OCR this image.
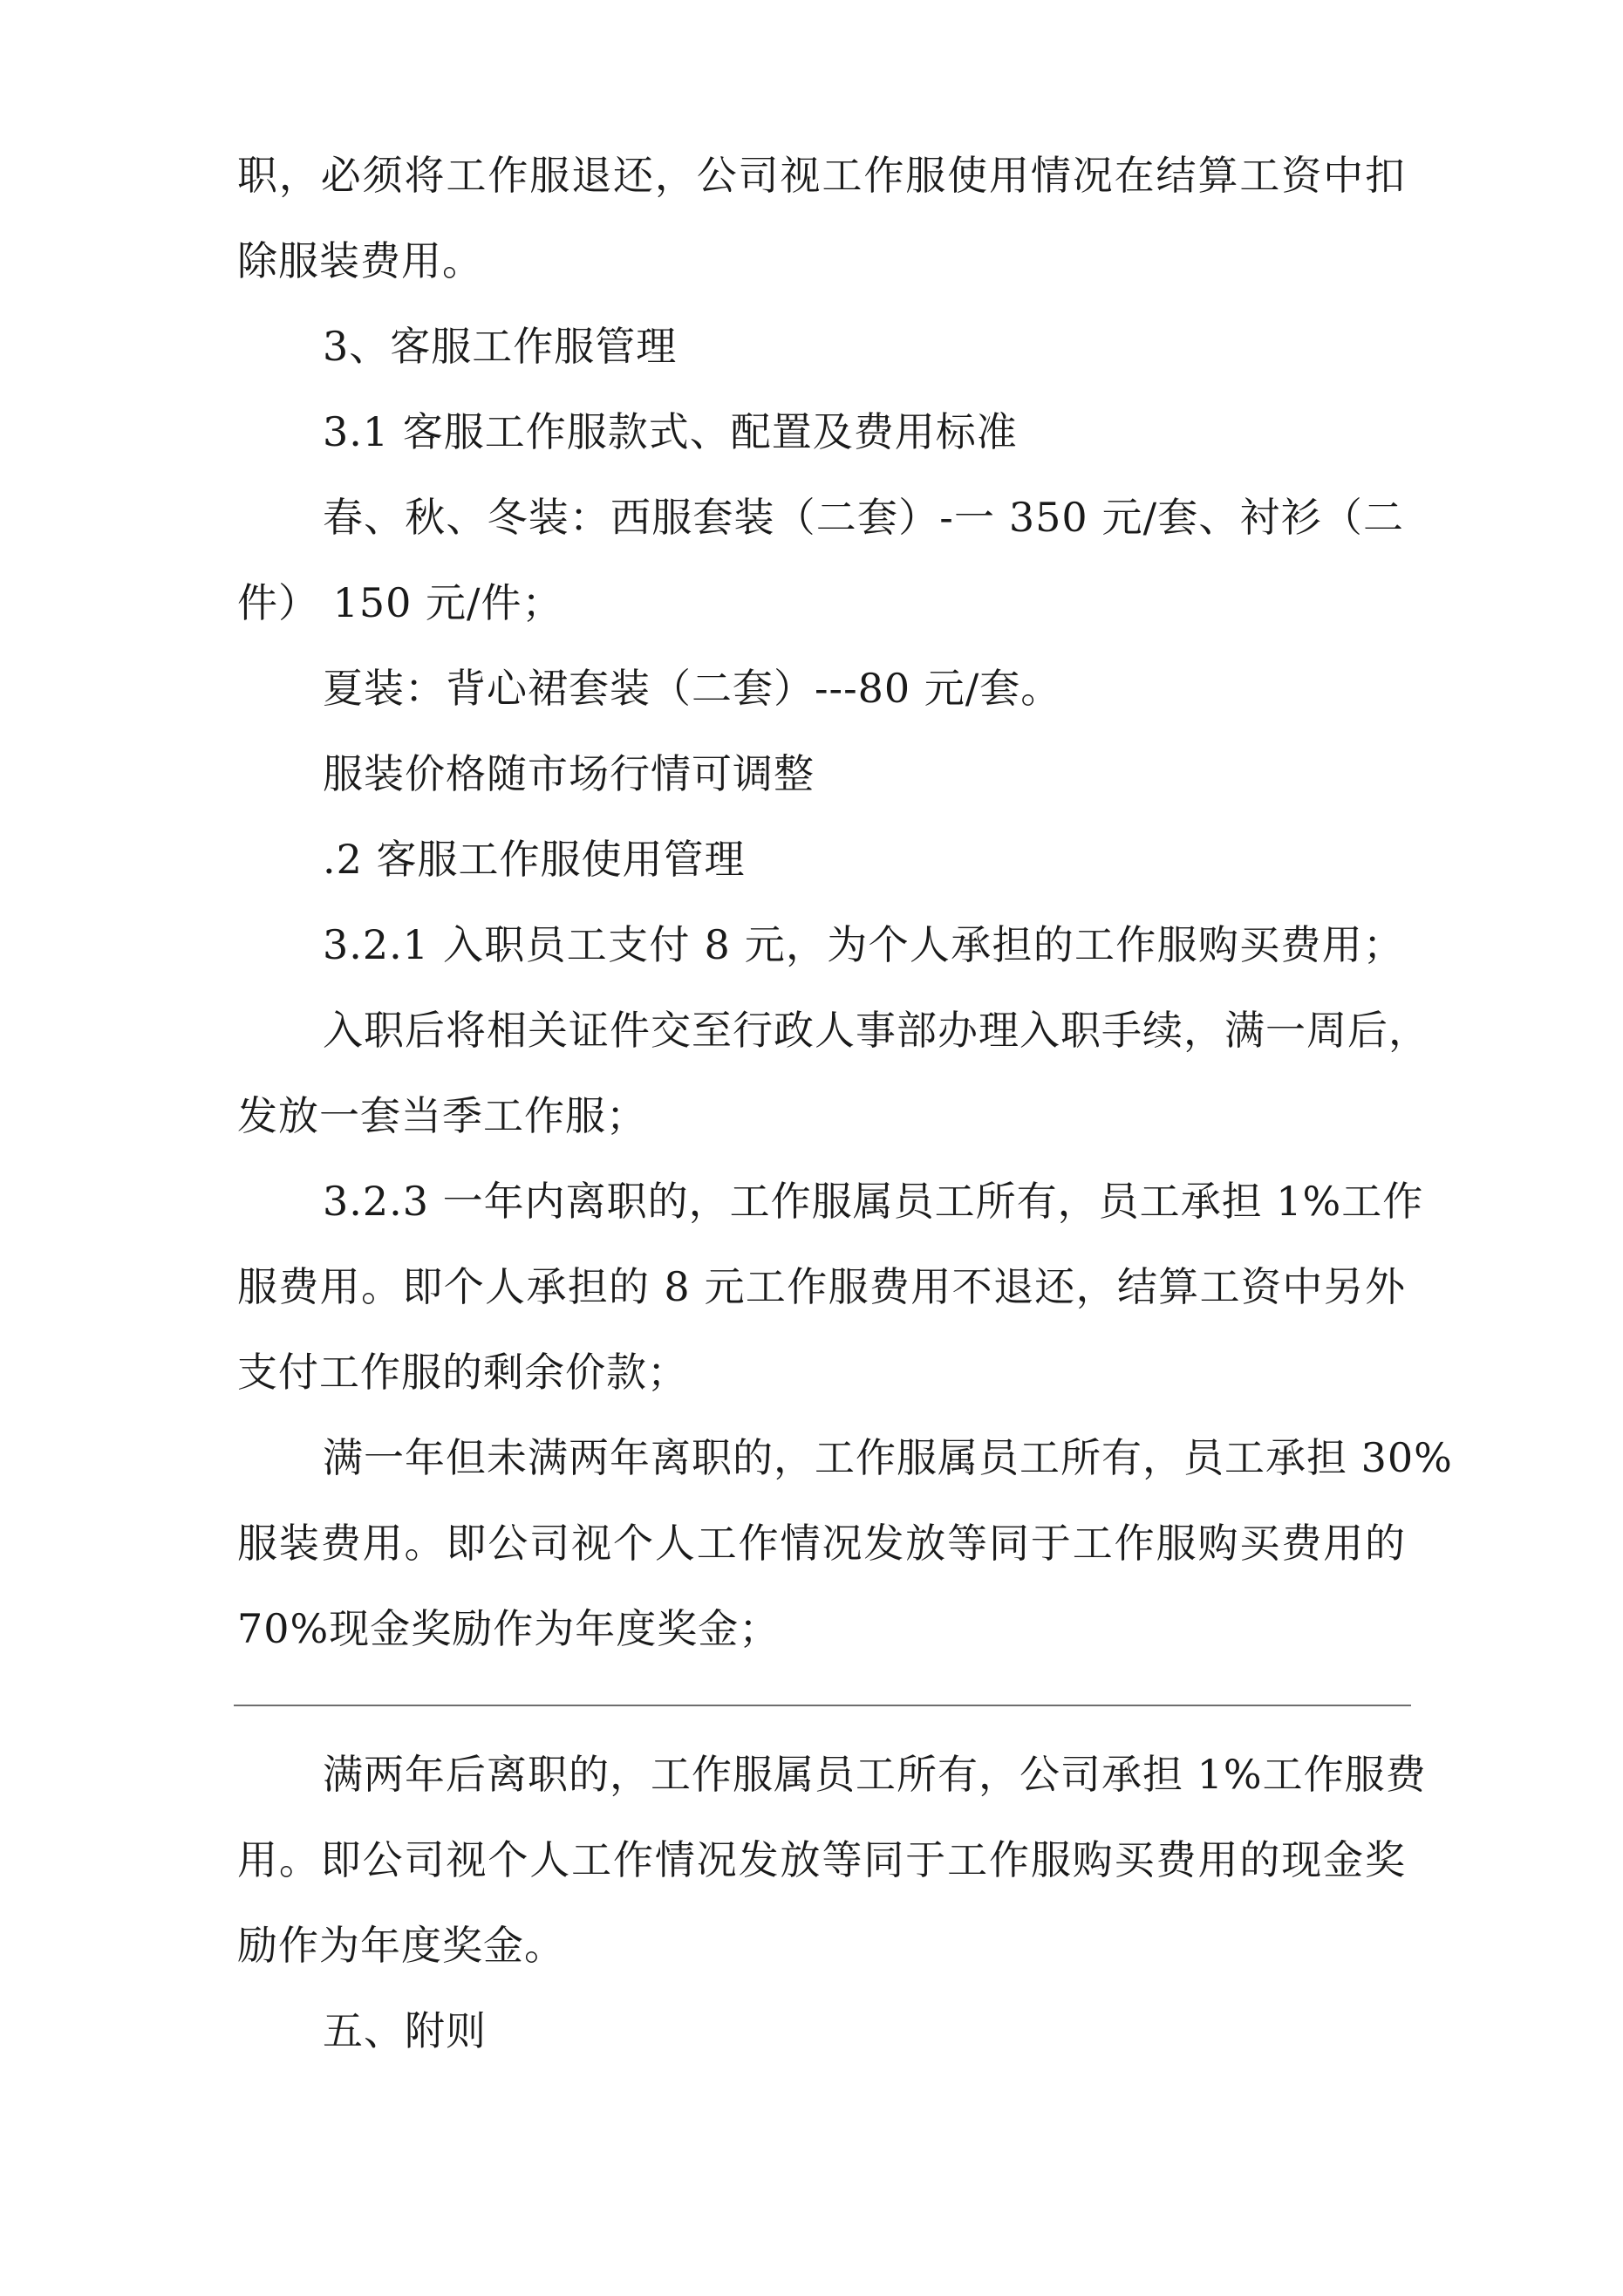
职，必须将工作服退还，公司视工作服使用情况在结算工资中扣
除服装费用。
3、客服工作服管理
3.1 客服工作服款式、配置及费用标准
春、秋、冬装：西服套装（二套）-一 350 元/套、衬衫（二
件） 150 元/件；
夏装：背心裙套装（二套）---80 元/套。
服装价格随市场行情可调整
.2 客服工作服使用管理
3.2.1 入职员工支付 8 元，为个人承担的工作服购买费用；
入职后将相关证件交至行政人事部办理入职手续，满一周后，
发放一套当季工作服；
3.2.3 一年内离职的，工作服属员工所有，员工承担 1%工作
服费用。即个人承担的 8 元工作服费用不退还，结算工资中另外
支付工作服的剩余价款；
满一年但未满两年离职的，工作服属员工所有，员工承担 30%
服装费用。即公司视个人工作情况发放等同于工作服购买费用的
70%现金奖励作为年度奖金；
满两年后离职的，工作服属员工所有，公司承担 1%工作服费
用。即公司视个人工作情况发放等同于工作服购买费用的现金奖
励作为年度奖金。
五、附则
